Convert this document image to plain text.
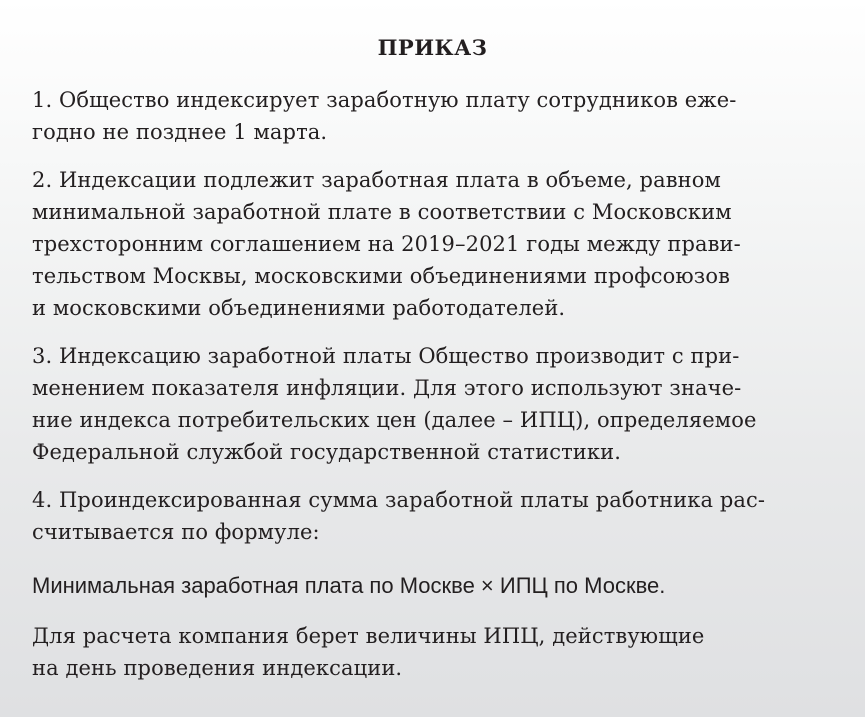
ПРИКАЗ
1. Общество индексирует заработную плату сотрудников еже-
годно не позднее 1 марта.
2. Индексации подлежит заработная плата в объеме, равном
минимальной заработной плате в соответствии с Московским
трехсторонним соглашением на 2019–2021 годы между прави-
тельством Москвы, московскими объединениями профсоюзов
и московскими объединениями работодателей.
3. Индексацию заработной платы Общество производит с при-
менением показателя инфляции. Для этого используют значе-
ние индекса потребительских цен (далее – ИПЦ), определяемое
Федеральной службой государственной статистики.
4. Проиндексированная сумма заработной платы работника рас-
считывается по формуле:
Минимальная заработная плата по Москве × ИПЦ по Москве.
Для расчета компания берет величины ИПЦ, действующие
на день проведения индексации.
